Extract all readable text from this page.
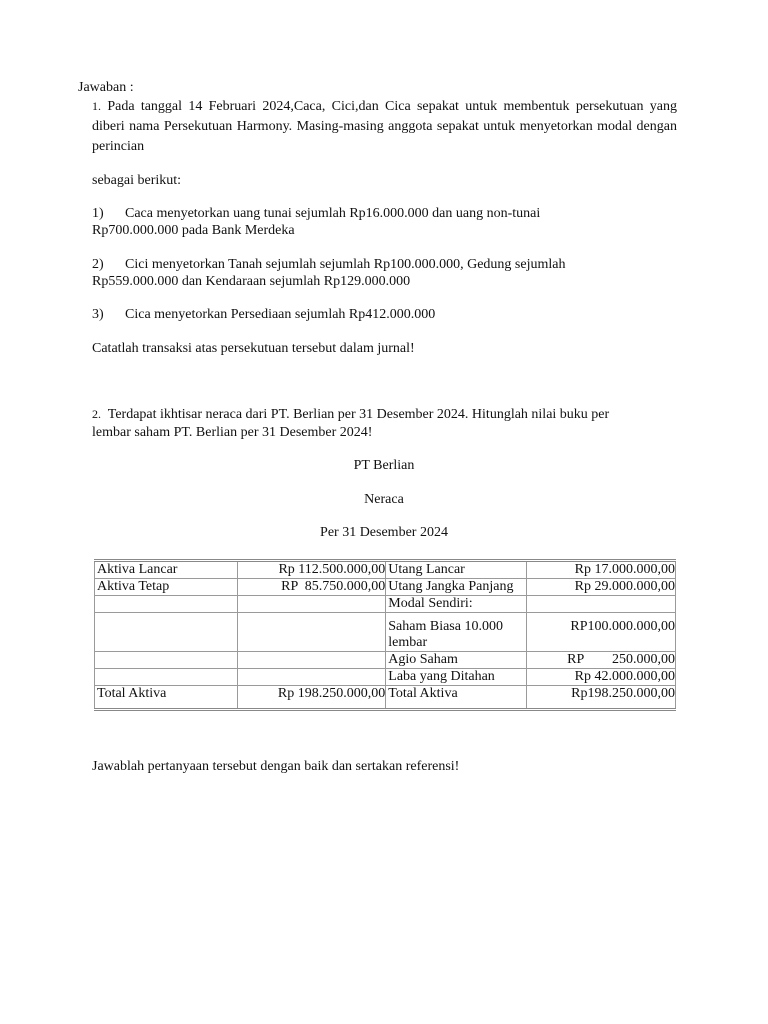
Jawaban :
1. Pada tanggal 14 Februari 2024,Caca, Cici,dan Cica sepakat untuk membentuk persekutuan yang diberi nama Persekutuan Harmony. Masing-masing anggota sepakat untuk menyetorkan modal dengan perincian
sebagai berikut:
1) Caca menyetorkan uang tunai sejumlah Rp16.000.000 dan uang non-tunai
Rp700.000.000 pada Bank Merdeka
2) Cici menyetorkan Tanah sejumlah sejumlah Rp100.000.000, Gedung sejumlah
Rp559.000.000 dan Kendaraan sejumlah Rp129.000.000
3) Cica menyetorkan Persediaan sejumlah Rp412.000.000
Catatlah transaksi atas persekutuan tersebut dalam jurnal!
2. Terdapat ikhtisar neraca dari PT. Berlian per 31 Desember 2024. Hitunglah nilai buku per
lembar saham PT. Berlian per 31 Desember 2024!
PT Berlian
Neraca
Per 31 Desember 2024
Aktiva Lancar	Rp 112.500.000,00	Utang Lancar	Rp 17.000.000,00
Aktiva Tetap	RP  85.750.000,00	Utang Jangka Panjang	Rp 29.000.000,00
		Modal Sendiri:	
		Saham Biasa 10.000 lembar	RP100.000.000,00
		Agio Saham	RP 250.000,00

		Laba yang Ditahan	Rp 42.000.000,00
Total Aktiva	Rp 198.250.000,00	Total Aktiva	Rp198.250.000,00
Jawablah pertanyaan tersebut dengan baik dan sertakan referensi!
